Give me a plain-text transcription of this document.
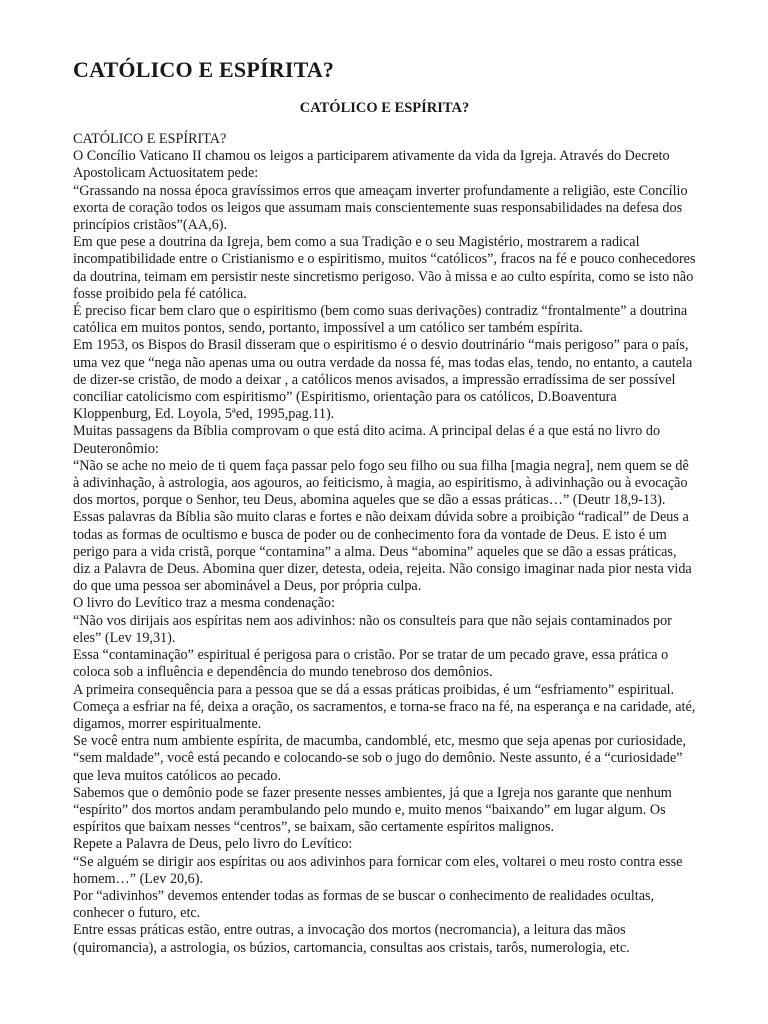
CATÓLICO E ESPÍRITA?
CATÓLICO E ESPÍRITA?

CATÓLICO E ESPÍRITA?

O Concílio Vaticano II chamou os leigos a participarem ativamente da vida da Igreja. Através do Decreto Apostolicam Actuositatem pede:

“Grassando na nossa época gravíssimos erros que ameaçam inverter profundamente a religião, este Concílio exorta de coração todos os leigos que assumam mais conscientemente suas responsabilidades na defesa dos princípios cristãos”(AA,6).

Em que pese a doutrina da Igreja, bem como a sua Tradição e o seu Magistério, mostrarem a radical incompatibilidade entre o Cristianismo e o espiritismo, muitos “católicos”, fracos na fé e pouco conhecedores da doutrina, teimam em persistir neste sincretismo perigoso. Vão à missa e ao culto espírita, como se isto não fosse proibido pela fé católica.

É preciso ficar bem claro que o espiritismo (bem como suas derivações) contradiz “frontalmente” a doutrina católica em muitos pontos, sendo, portanto, impossível a um católico ser também espírita.

Em 1953, os Bispos do Brasil disseram que o espiritismo é o desvio doutrinário “mais perigoso” para o país, uma vez que “nega não apenas uma ou outra verdade da nossa fé, mas todas elas, tendo, no entanto, a cautela de dizer-se cristão, de modo a deixar , a católicos menos avisados, a impressão erradíssima de ser possível conciliar catolicismo com espiritismo” (Espiritismo, orientação para os católicos, D.Boaventura Kloppenburg, Ed. Loyola, 5ªed, 1995,pag.11).

Muitas passagens da Bíblia comprovam o que está dito acima. A principal delas é a que está no livro do Deuteronômio:

“Não se ache no meio de ti quem faça passar pelo fogo seu filho ou sua filha [magia negra], nem quem se dê à adivinhação, à astrologia, aos agouros, ao feiticismo, à magia, ao espiritismo, à adivinhação ou à evocação dos mortos, porque o Senhor, teu Deus, abomina aqueles que se dão a essas práticas…” (Deutr 18,9-13).

Essas palavras da Bíblia são muito claras e fortes e não deixam dúvida sobre a proibição “radical” de Deus a todas as formas de ocultismo e busca de poder ou de conhecimento fora da vontade de Deus. E isto é um perigo para a vida cristã, porque “contamina” a alma. Deus “abomina” aqueles que se dão a essas práticas, diz a Palavra de Deus. Abomina quer dizer, detesta, odeia, rejeita. Não consigo imaginar nada pior nesta vida do que uma pessoa ser abominável a Deus, por própria culpa.

O livro do Levítico traz a mesma condenação:

“Não vos dirijais aos espíritas nem aos adivinhos: não os consulteis para que não sejais contaminados por eles” (Lev 19,31).

Essa “contaminação” espiritual é perigosa para o cristão. Por se tratar de um pecado grave, essa prática o coloca sob a influência e dependência do mundo tenebroso dos demônios.

A primeira consequência para a pessoa que se dá a essas práticas proibidas, é um “esfriamento” espiritual. Começa a esfriar na fé, deixa a oração, os sacramentos, e torna-se fraco na fé, na esperança e na caridade, até, digamos, morrer espiritualmente.

Se você entra num ambiente espírita, de macumba, candomblé, etc, mesmo que seja apenas por curiosidade, “sem maldade”, você está pecando e colocando-se sob o jugo do demônio. Neste assunto, é a “curiosidade” que leva muitos católicos ao pecado.

Sabemos que o demônio pode se fazer presente nesses ambientes, já que a Igreja nos garante que nenhum “espírito” dos mortos andam perambulando pelo mundo e, muito menos “baixando” em lugar algum. Os espíritos que baixam nesses “centros”, se baixam, são certamente espíritos malignos.

Repete a Palavra de Deus, pelo livro do Levítico:

“Se alguém se dirigir aos espíritas ou aos adivinhos para fornicar com eles, voltarei o meu rosto contra esse homem…” (Lev 20,6).

Por “adivinhos” devemos entender todas as formas de se buscar o conhecimento de realidades ocultas, conhecer o futuro, etc.

Entre essas práticas estão, entre outras, a invocação dos mortos (necromancia), a leitura das mãos (quiromancia), a astrologia, os búzios, cartomancia, consultas aos cristais, tarôs, numerologia, etc.
